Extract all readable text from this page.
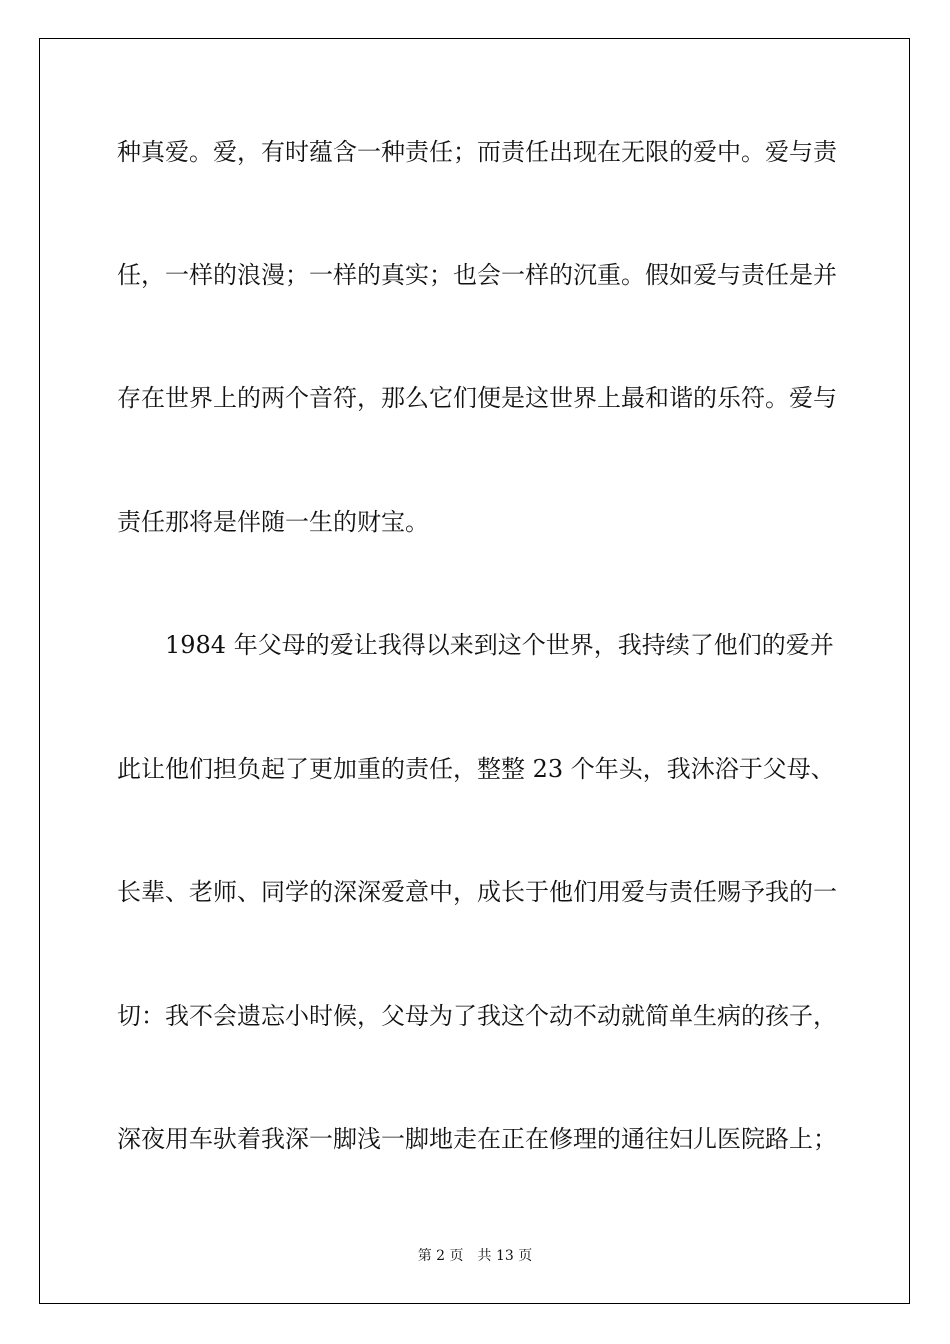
种真爱。爱，有时蕴含一种责任；而责任出现在无限的爱中。爱与责
任，一样的浪漫；一样的真实；也会一样的沉重。假如爱与责任是并
存在世界上的两个音符，那么它们便是这世界上最和谐的乐符。爱与
责任那将是伴随一生的财宝。
1984 年父母的爱让我得以来到这个世界，我持续了他们的爱并
此让他们担负起了更加重的责任，整整 23 个年头，我沐浴于父母、
长辈、老师、同学的深深爱意中，成长于他们用爱与责任赐予我的一
切：我不会遗忘小时候，父母为了我这个动不动就简单生病的孩子，
深夜用车驮着我深一脚浅一脚地走在正在修理的通往妇儿医院路上；
第 2 页 共 13 页
